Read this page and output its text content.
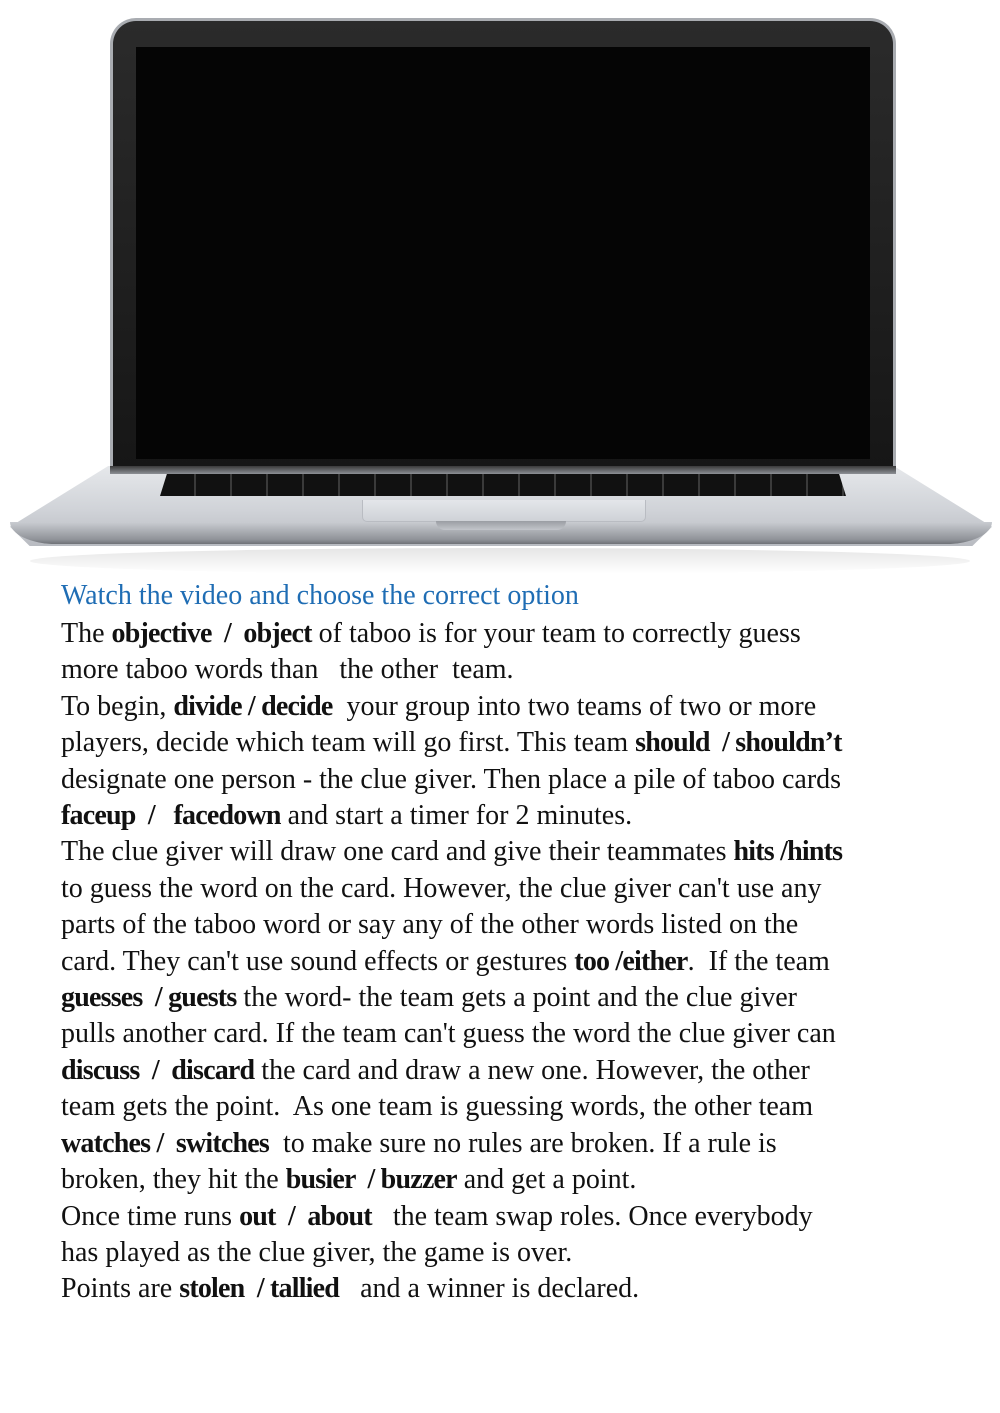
Watch the video and choose the correct option
The objective  /  object of taboo is for your team to correctly guess
more taboo words than   the other  team.
To begin, divide / decide  your group into two teams of two or more
players, decide which team will go first. This team should  / shouldn’t
designate one person - the clue giver. Then place a pile of taboo cards
faceup  /   facedown and start a timer for 2 minutes.
The clue giver will draw one card and give their teammates hits /hints
to guess the word on the card. However, the clue giver can't use any
parts of the taboo word or say any of the other words listed on the
card. They can't use sound effects or gestures too /either.  If the team
guesses  / guests the word- the team gets a point and the clue giver
pulls another card. If the team can't guess the word the clue giver can
discuss  /  discard the card and draw a new one. However, the other
team gets the point.  As one team is guessing words, the other team
watches /  switches  to make sure no rules are broken. If a rule is
broken, they hit the busier  / buzzer and get a point.
Once time runs out  /  about   the team swap roles. Once everybody
has played as the clue giver, the game is over.
Points are stolen  / tallied   and a winner is declared.
